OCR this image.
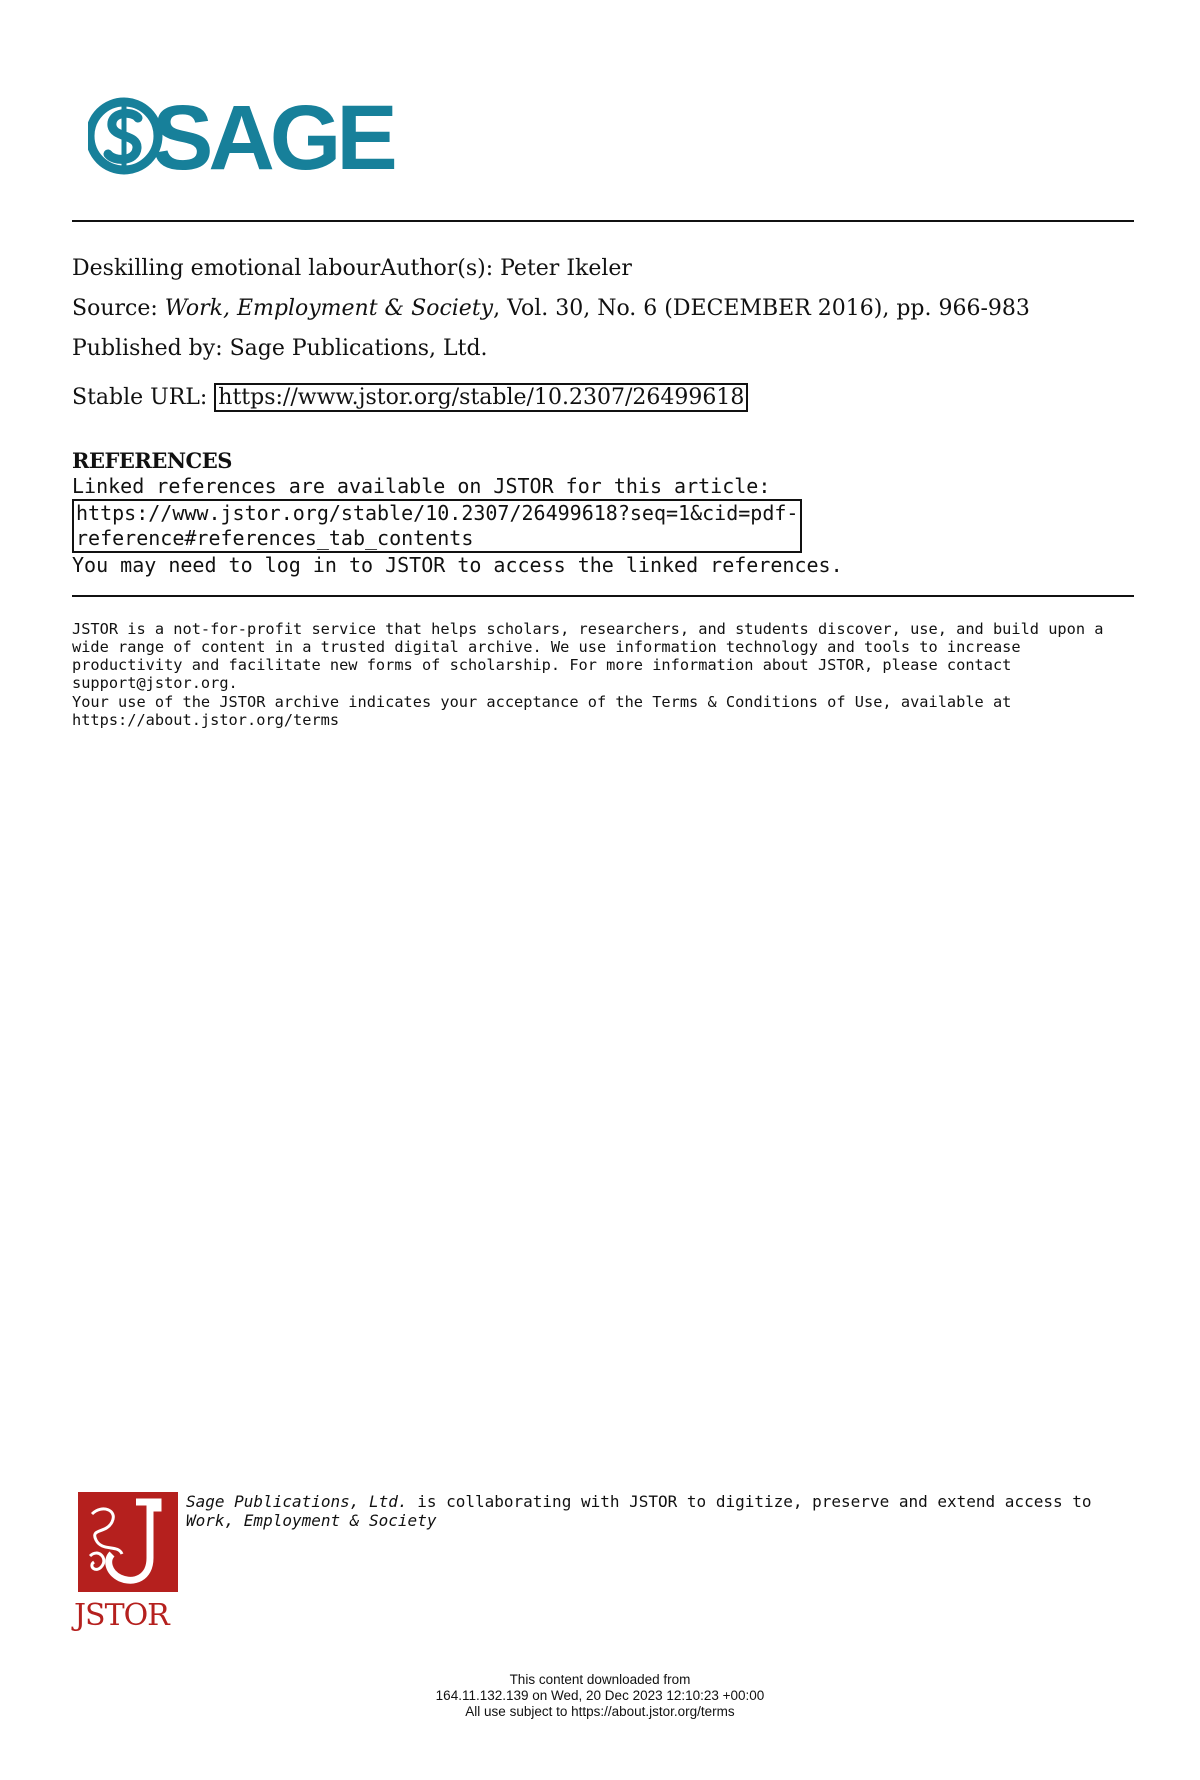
SAGE
Deskilling emotional labourAuthor(s): Peter Ikeler
Source: Work, Employment & Society, Vol. 30, No. 6 (DECEMBER 2016), pp. 966-983
Published by: Sage Publications, Ltd.
Stable URL: https://www.jstor.org/stable/10.2307/26499618
REFERENCES
Linked references are available on JSTOR for this article:
https://www.jstor.org/stable/10.2307/26499618?seq=1&cid=pdf-
reference#references_tab_contents
You may need to log in to JSTOR to access the linked references.
JSTOR is a not-for-profit service that helps scholars, researchers, and students discover, use, and build upon a wide range of content in a trusted digital archive. We use information technology and tools to increase productivity and facilitate new forms of scholarship. For more information about JSTOR, please contact support@jstor.org.
Your use of the JSTOR archive indicates your acceptance of the Terms & Conditions of Use, available at
https://about.jstor.org/terms
JSTOR
Sage Publications, Ltd. is collaborating with JSTOR to digitize, preserve and extend access to
Work, Employment & Society
This content downloaded from
164.11.132.139 on Wed, 20 Dec 2023 12:10:23 +00:00
All use subject to https://about.jstor.org/terms
